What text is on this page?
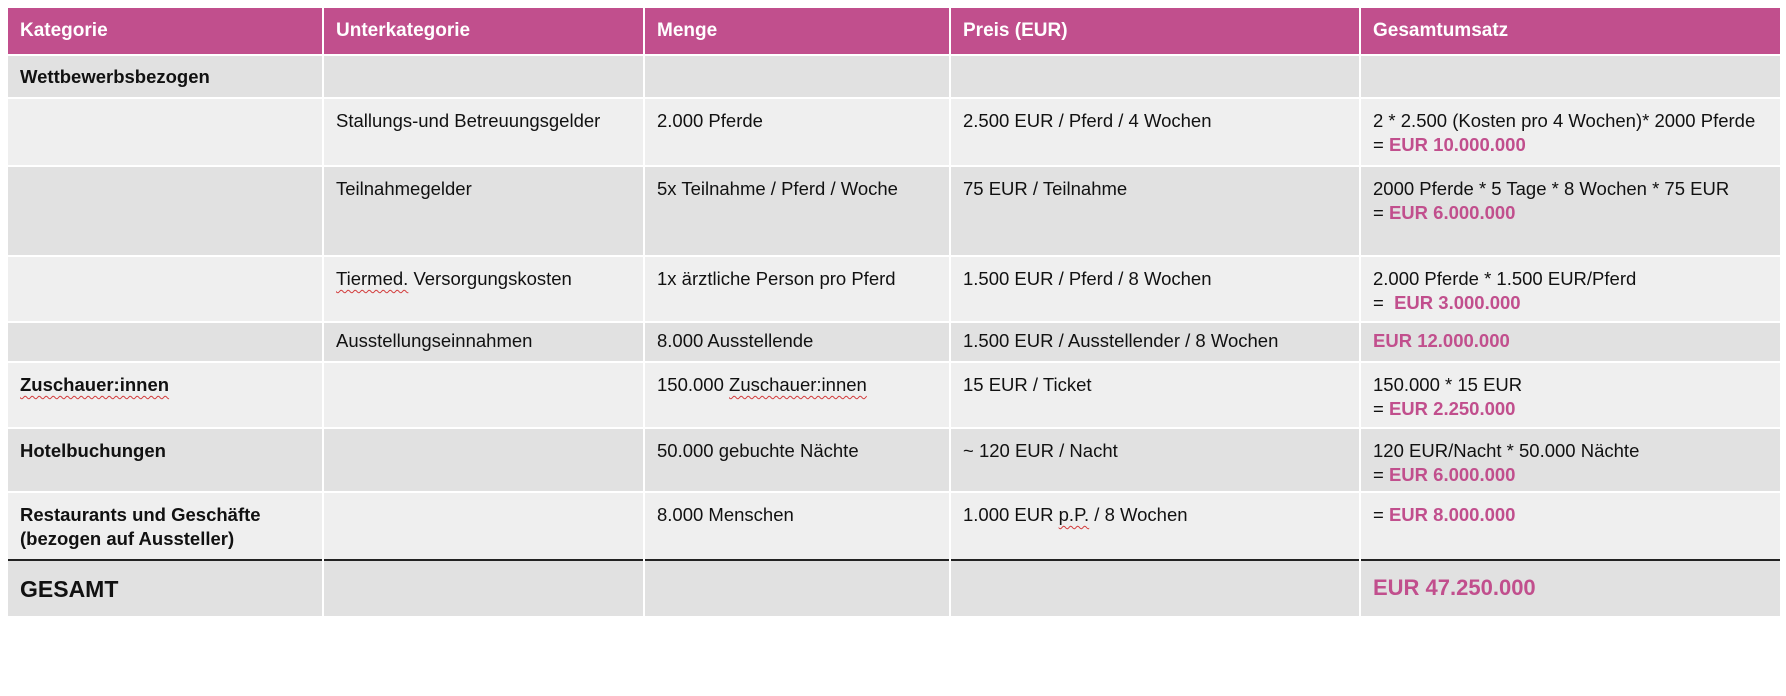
Kategorie	Unterkategorie	Menge	Preis (EUR)	Gesamtumsatz
Wettbewerbsbezogen				
	Stallungs-und Betreuungsgelder	2.000 Pferde	2.500 EUR / Pferd / 4 Wochen	2 * 2.500 (Kosten pro 4 Wochen)* 2000 Pferde
= EUR 10.000.000

	Teilnahmegelder	5x Teilnahme / Pferd / Woche	75 EUR / Teilnahme	2000 Pferde * 5 Tage * 8 Wochen * 75 EUR
= EUR 6.000.000

	Tiermed. Versorgungskosten	1x ärztliche Person pro Pferd	1.500 EUR / Pferd / 8 Wochen	2.000 Pferde * 1.500 EUR/Pferd
=  EUR 3.000.000

	Ausstellungseinnahmen	8.000 Ausstellende	1.500 EUR / Ausstellender / 8 Wochen	EUR 12.000.000
Zuschauer:innen		150.000 Zuschauer:innen	15 EUR / Ticket	150.000 * 15 EUR
= EUR 2.250.000

Hotelbuchungen		50.000 gebuchte Nächte	~ 120 EUR / Nacht	120 EUR/Nacht * 50.000 Nächte
= EUR 6.000.000

Restaurants und Geschäfte
(bezogen auf Aussteller)		8.000 Menschen	1.000 EUR p.P. / 8 Wochen	= EUR 8.000.000
GESAMT				EUR 47.250.000
